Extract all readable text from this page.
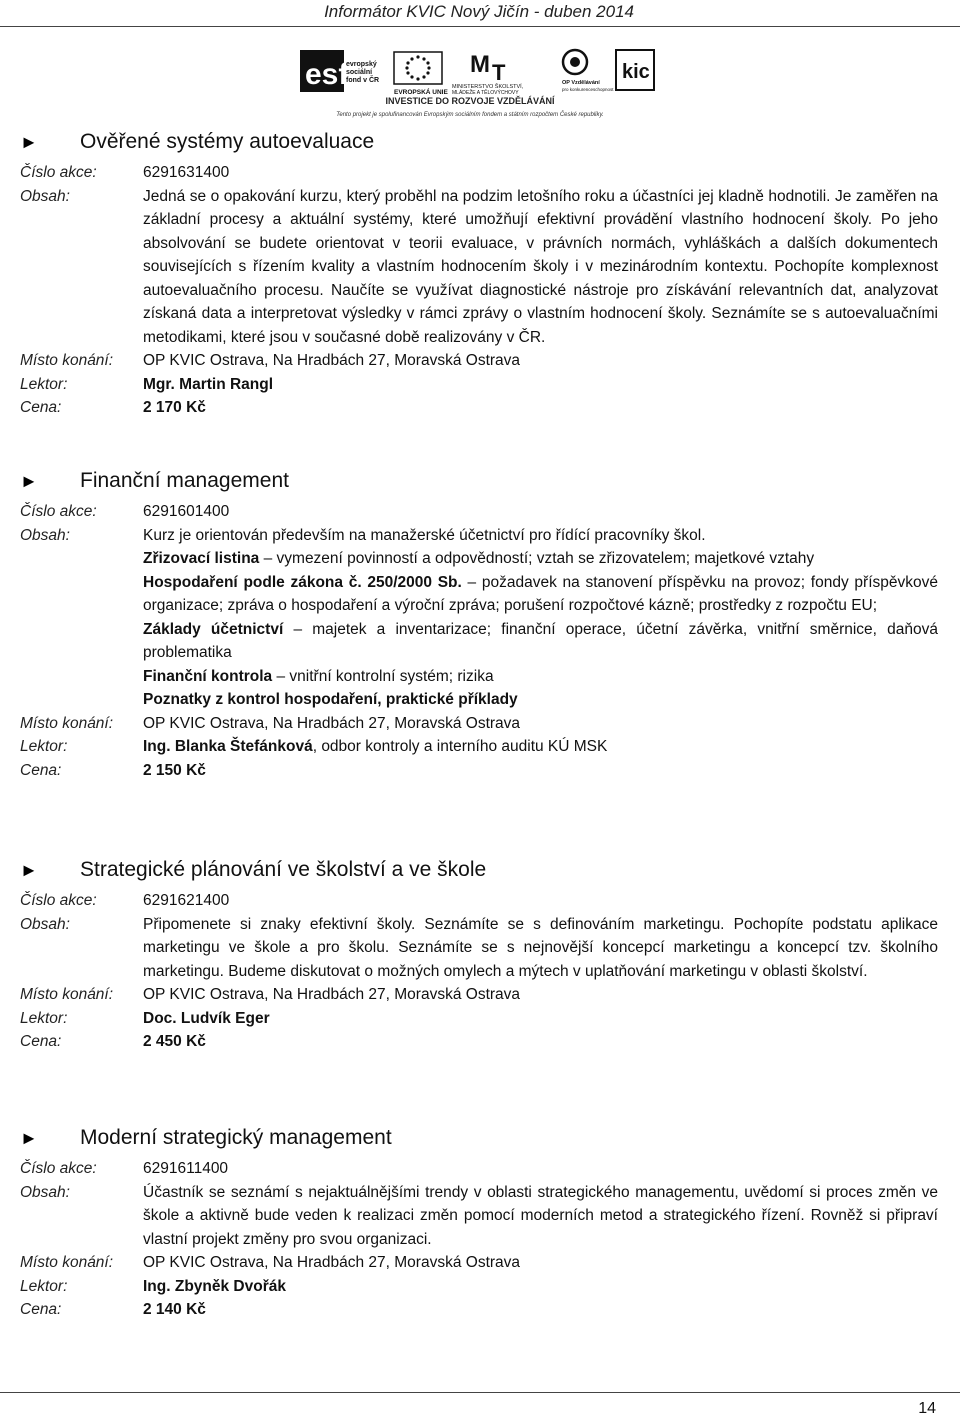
Informátor KVIC Nový Jičín - duben 2014
esf
evropský
sociální
fond v ČR
EVROPSKÁ UNIE
M T
MINISTERSTVO ŠKOLSTVÍ,
MLÁDEŽE A TĚLOVÝCHOVY
OP Vzdělávání
pro konkurenceschopnost
kic
INVESTICE DO ROZVOJE VZDĚLÁVÁNÍ
Tento projekt je spolufinancován Evropským sociálním fondem a státním rozpočtem České republiky.
►	Ověřené systémy autoevaluace
Číslo akce:	6291631400
Obsah:	Jedná se o opakování kurzu, který proběhl na podzim letošního roku a účastníci jej kladně hodnotili. Je zaměřen na základní procesy a aktuální systémy, které umožňují efektivní provádění vlastního hodnocení školy. Po jeho absolvování se budete orientovat v teorii evaluace, v právních normách, vyhláškách a dalších dokumentech souvisejících s řízením kvality a vlastním hodnocením školy i v mezinárodním kontextu. Pochopíte komplexnost autoevaluačního procesu. Naučíte se využívat diagnostické nástroje pro získávání relevantních dat, analyzovat získaná data a interpretovat výsledky v rámci zprávy o vlastním hodnocení školy. Seznámíte se s autoevaluačními metodikami, které jsou v současné době realizovány v ČR.
Místo konání:	OP KVIC Ostrava, Na Hradbách 27, Moravská Ostrava
Lektor:	Mgr. Martin Rangl
Cena:	2 170 Kč
►	Finanční management
Číslo akce:	6291601400
Obsah:	Kurz je orientován především na manažerské účetnictví pro řídící pracovníky škol.
Zřizovací listina – vymezení povinností a odpovědností; vztah se zřizovatelem; majetkové vztahy
Hospodaření podle zákona č. 250/2000 Sb. – požadavek na stanovení příspěvku na provoz; fondy příspěvkové organizace; zpráva o hospodaření a výroční zpráva; porušení rozpočtové kázně; prostředky z rozpočtu EU;
Základy účetnictví – majetek a inventarizace; finanční operace, účetní závěrka, vnitřní směrnice, daňová problematika
Finanční kontrola – vnitřní kontrolní systém; rizika
Poznatky z kontrol hospodaření, praktické příklady
Místo konání:	OP KVIC Ostrava, Na Hradbách 27, Moravská Ostrava
Lektor:	Ing. Blanka Štefánková, odbor kontroly a interního auditu KÚ MSK
Cena:	2 150 Kč
►	Strategické plánování ve školství a ve škole
Číslo akce:	6291621400
Obsah:	Připomenete si znaky efektivní školy. Seznámíte se s definováním marketingu. Pochopíte podstatu aplikace marketingu ve škole a pro školu. Seznámíte se s nejnovější koncepcí marketingu a koncepcí tzv. školního marketingu. Budeme diskutovat o možných omylech a mýtech v uplatňování marketingu v oblasti školství.
Místo konání:	OP KVIC Ostrava, Na Hradbách 27, Moravská Ostrava
Lektor:	Doc. Ludvík Eger
Cena:	2 450 Kč
►	Moderní strategický management
Číslo akce:	6291611400
Obsah:	Účastník se seznámí s nejaktuálnějšími trendy v oblasti strategického managementu, uvědomí si proces změn ve škole a aktivně bude veden k realizaci změn pomocí moderních metod a strategického řízení. Rovněž si připraví vlastní projekt změny pro svou organizaci.
Místo konání:	OP KVIC Ostrava, Na Hradbách 27, Moravská Ostrava
Lektor:	Ing. Zbyněk Dvořák
Cena:	2 140 Kč
14
